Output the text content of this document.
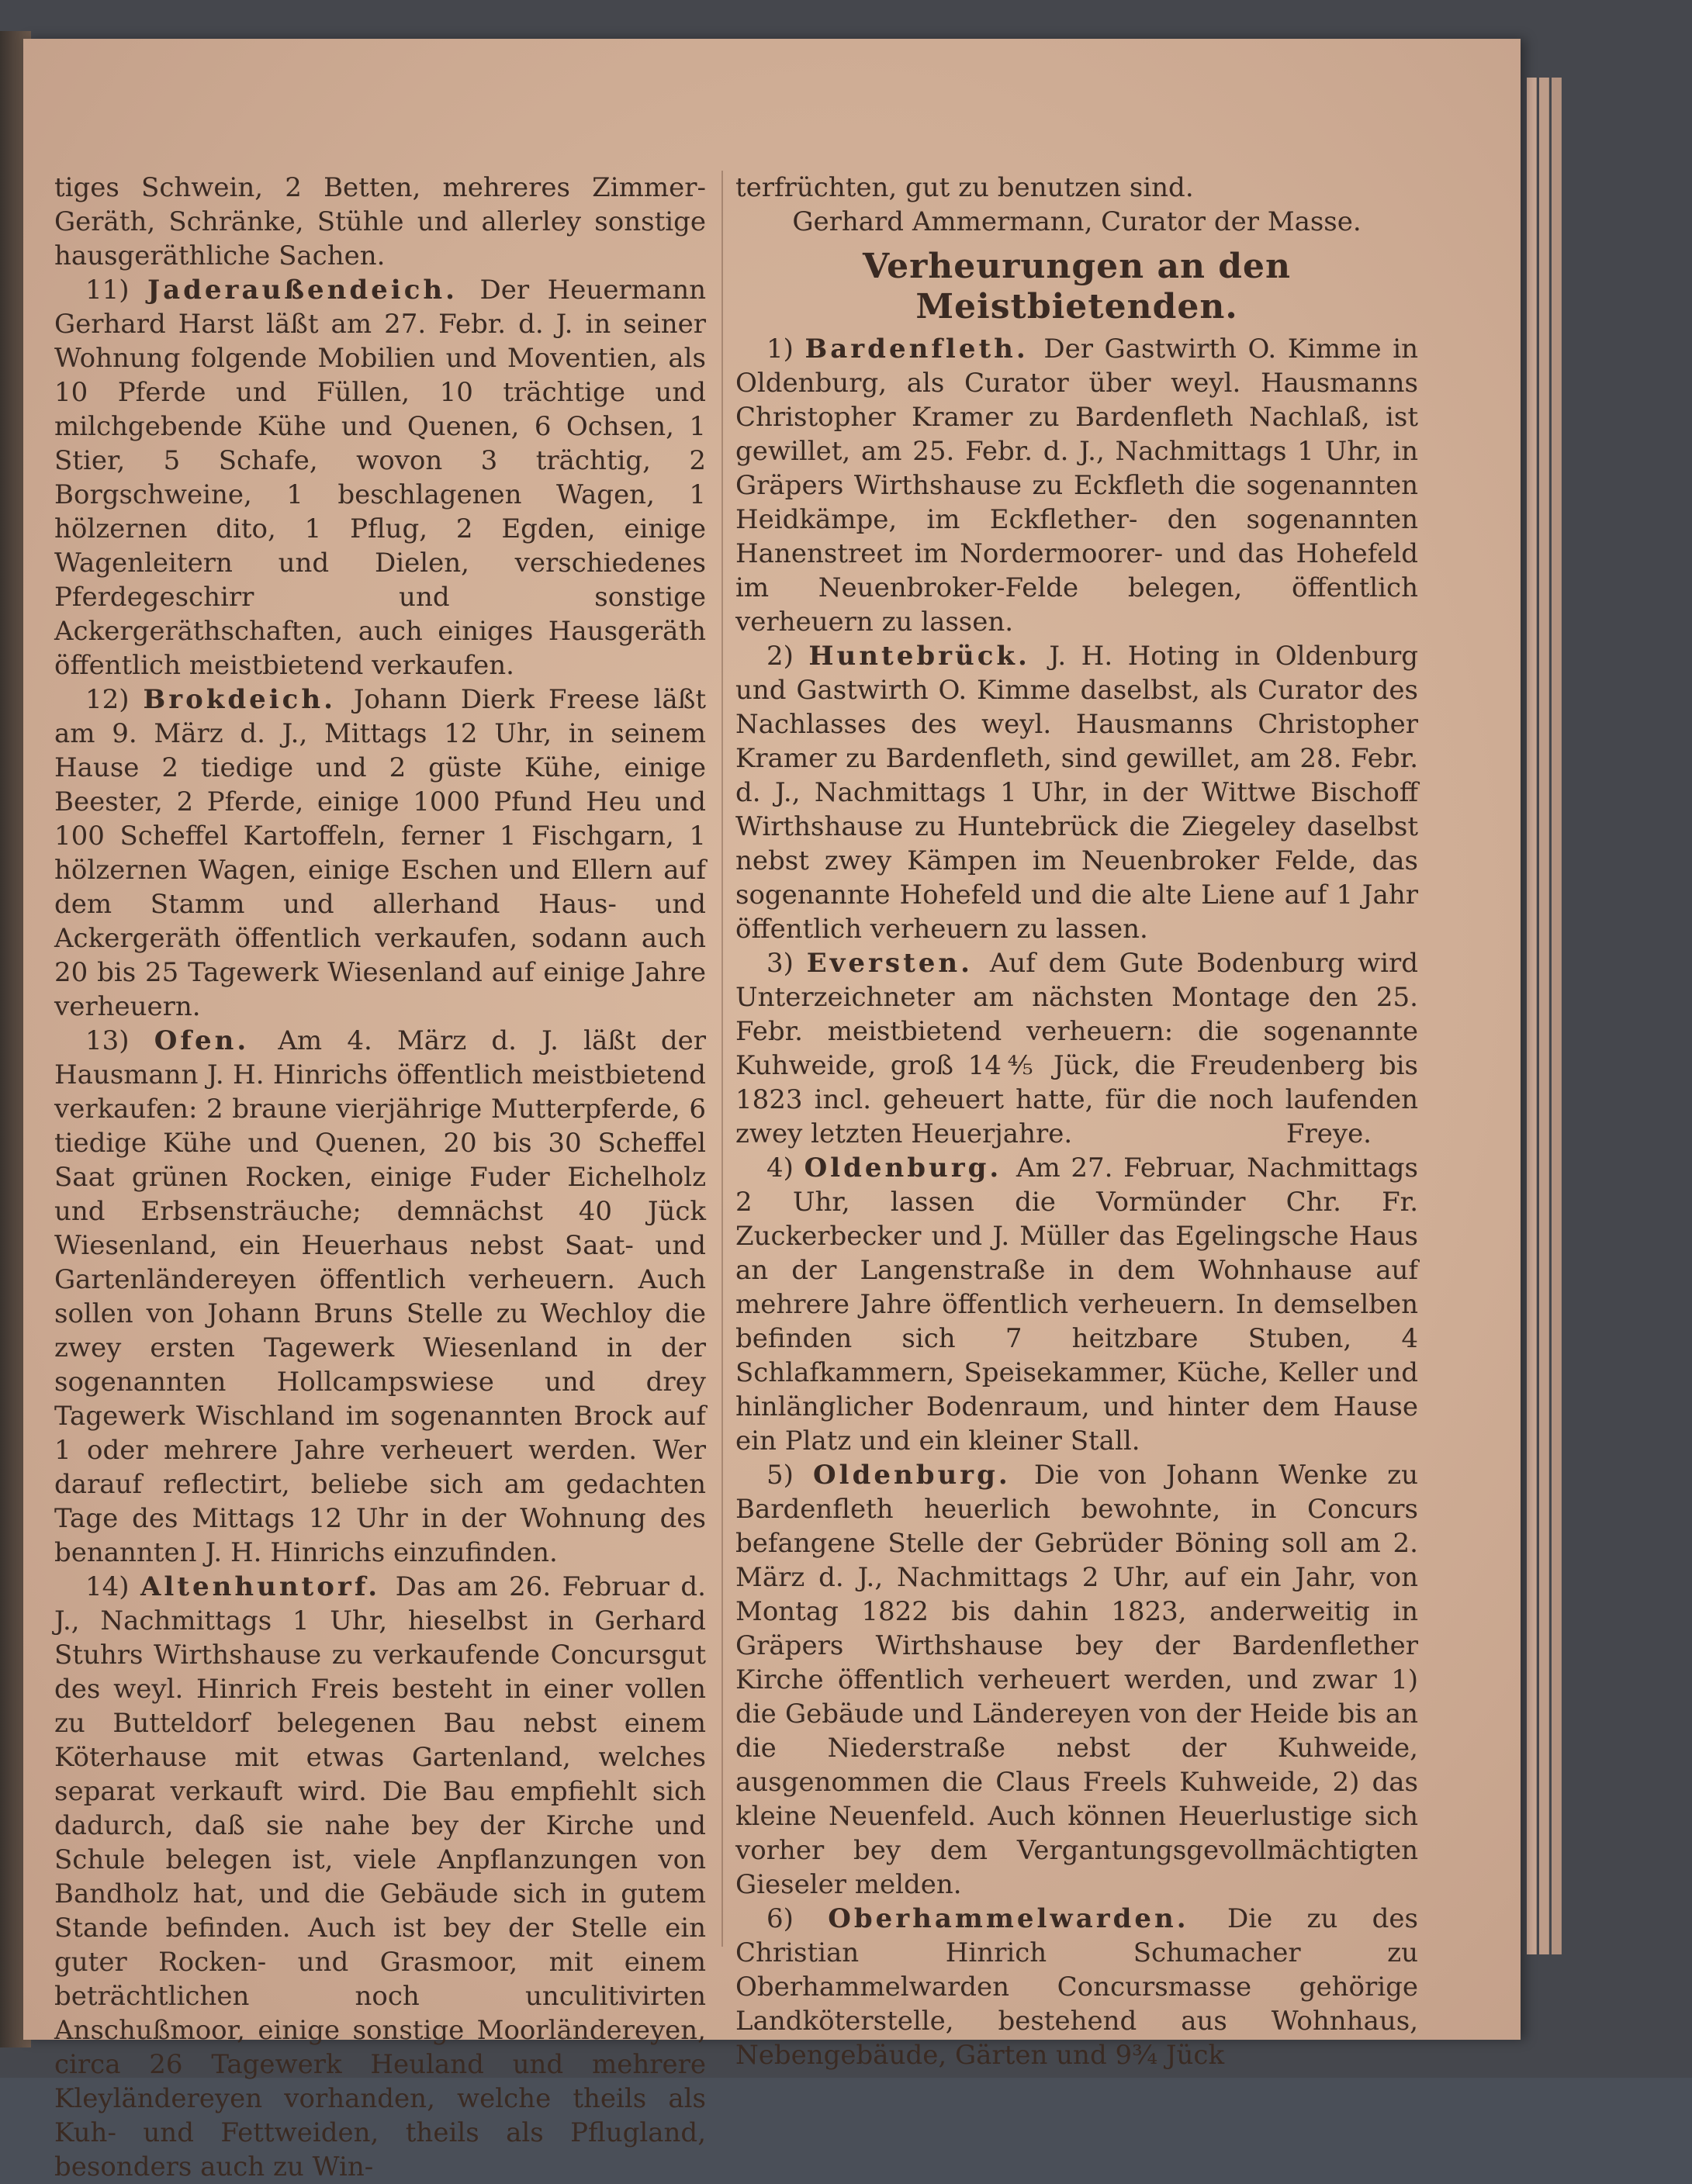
tiges Schwein, 2 Betten, mehreres Zimmer-Geräth, Schränke, Stühle und allerley sonstige hausgeräthliche Sachen.

11) Jaderaußendeich. Der Heuermann Gerhard Harst läßt am 27. Febr. d. J. in seiner Wohnung folgende Mobilien und Moventien, als 10 Pferde und Füllen, 10 trächtige und milchgebende Kühe und Quenen, 6 Ochsen, 1 Stier, 5 Schafe, wovon 3 trächtig, 2 Borgschweine, 1 beschlagenen Wagen, 1 hölzernen dito, 1 Pflug, 2 Egden, einige Wagenleitern und Dielen, verschiedenes Pferdegeschirr und sonstige Ackergeräthschaften, auch einiges Hausgeräth öffentlich meistbietend verkaufen.

12) Brokdeich. Johann Dierk Freese läßt am 9. März d. J., Mittags 12 Uhr, in seinem Hause 2 tiedige und 2 güste Kühe, einige Beester, 2 Pferde, einige 1000 Pfund Heu und 100 Scheffel Kartoffeln, ferner 1 Fischgarn, 1 hölzernen Wagen, einige Eschen und Ellern auf dem Stamm und allerhand Haus- und Ackergeräth öffentlich verkaufen, sodann auch 20 bis 25 Tagewerk Wiesenland auf einige Jahre verheuern.

13) Ofen. Am 4. März d. J. läßt der Hausmann J. H. Hinrichs öffentlich meistbietend verkaufen: 2 braune vierjährige Mutterpferde, 6 tiedige Kühe und Quenen, 20 bis 30 Scheffel Saat grünen Rocken, einige Fuder Eichelholz und Erbsensträuche; demnächst 40 Jück Wiesenland, ein Heuerhaus nebst Saat- und Gartenländereyen öffentlich verheuern. Auch sollen von Johann Bruns Stelle zu Wechloy die zwey ersten Tagewerk Wiesenland in der sogenannten Hollcampswiese und drey Tagewerk Wischland im sogenannten Brock auf 1 oder mehrere Jahre verheuert werden. Wer darauf reflectirt, beliebe sich am gedachten Tage des Mittags 12 Uhr in der Wohnung des benannten J. H. Hinrichs einzufinden.

14) Altenhuntorf. Das am 26. Februar d. J., Nachmittags 1 Uhr, hieselbst in Gerhard Stuhrs Wirthshause zu verkaufende Concursgut des weyl. Hinrich Freis besteht in einer vollen zu Butteldorf belegenen Bau nebst einem Köterhause mit etwas Gartenland, welches separat verkauft wird. Die Bau empfiehlt sich dadurch, daß sie nahe bey der Kirche und Schule belegen ist, viele Anpflanzungen von Bandholz hat, und die Gebäude sich in gutem Stande befinden. Auch ist bey der Stelle ein guter Rocken- und Grasmoor, mit einem beträchtlichen noch unculitivirten Anschußmoor, einige sonstige Moorländereyen, circa 26 Tagewerk Heuland und mehrere Kleyländereyen vorhanden, welche theils als Kuh- und Fettweiden, theils als Pflugland, besonders auch zu Win-

terfrüchten, gut zu benutzen sind.

Gerhard Ammermann, Curator der Masse.

Verheurungen an den Meistbietenden.

1) Bardenfleth. Der Gastwirth O. Kimme in Oldenburg, als Curator über weyl. Hausmanns Christopher Kramer zu Bardenfleth Nachlaß, ist gewillet, am 25. Febr. d. J., Nachmittags 1 Uhr, in Gräpers Wirthshause zu Eckfleth die sogenannten Heidkämpe, im Eckflether- den sogenannten Hanenstreet im Nordermoorer- und das Hohefeld im Neuenbroker-Felde belegen, öffentlich verheuern zu lassen.

2) Huntebrück. J. H. Hoting in Oldenburg und Gastwirth O. Kimme daselbst, als Curator des Nachlasses des weyl. Hausmanns Christopher Kramer zu Bardenfleth, sind gewillet, am 28. Febr. d. J., Nachmittags 1 Uhr, in der Wittwe Bischoff Wirthshause zu Huntebrück die Ziegeley daselbst nebst zwey Kämpen im Neuenbroker Felde, das sogenannte Hohefeld und die alte Liene auf 1 Jahr öffentlich verheuern zu lassen.

3) Eversten. Auf dem Gute Bodenburg wird Unterzeichneter am nächsten Montage den 25. Febr. meistbietend verheuern: die sogenannte Kuhweide, groß 14⅘ Jück, die Freudenberg bis 1823 incl. geheuert hatte, für die noch laufenden zwey letzten Heuerjahre.	Freye.

4) Oldenburg. Am 27. Februar, Nachmittags 2 Uhr, lassen die Vormünder Chr. Fr. Zuckerbecker und J. Müller das Egelingsche Haus an der Langenstraße in dem Wohnhause auf mehrere Jahre öffentlich verheuern. In demselben befinden sich 7 heitzbare Stuben, 4 Schlafkammern, Speisekammer, Küche, Keller und hinlänglicher Bodenraum, und hinter dem Hause ein Platz und ein kleiner Stall.

5) Oldenburg. Die von Johann Wenke zu Bardenfleth heuerlich bewohnte, in Concurs befangene Stelle der Gebrüder Böning soll am 2. März d. J., Nachmittags 2 Uhr, auf ein Jahr, von Montag 1822 bis dahin 1823, anderweitig in Gräpers Wirthshause bey der Bardenflether Kirche öffentlich verheuert werden, und zwar 1) die Gebäude und Ländereyen von der Heide bis an die Niederstraße nebst der Kuhweide, ausgenommen die Claus Freels Kuhweide, 2) das kleine Neuenfeld. Auch können Heuerlustige sich vorher bey dem Vergantungsgevollmächtigten Gieseler melden.

6) Oberhammelwarden. Die zu des Christian Hinrich Schumacher zu Oberhammelwarden Concursmasse gehörige Landköterstelle, bestehend aus Wohnhaus, Nebengebäude, Gärten und 9¾ Jück
